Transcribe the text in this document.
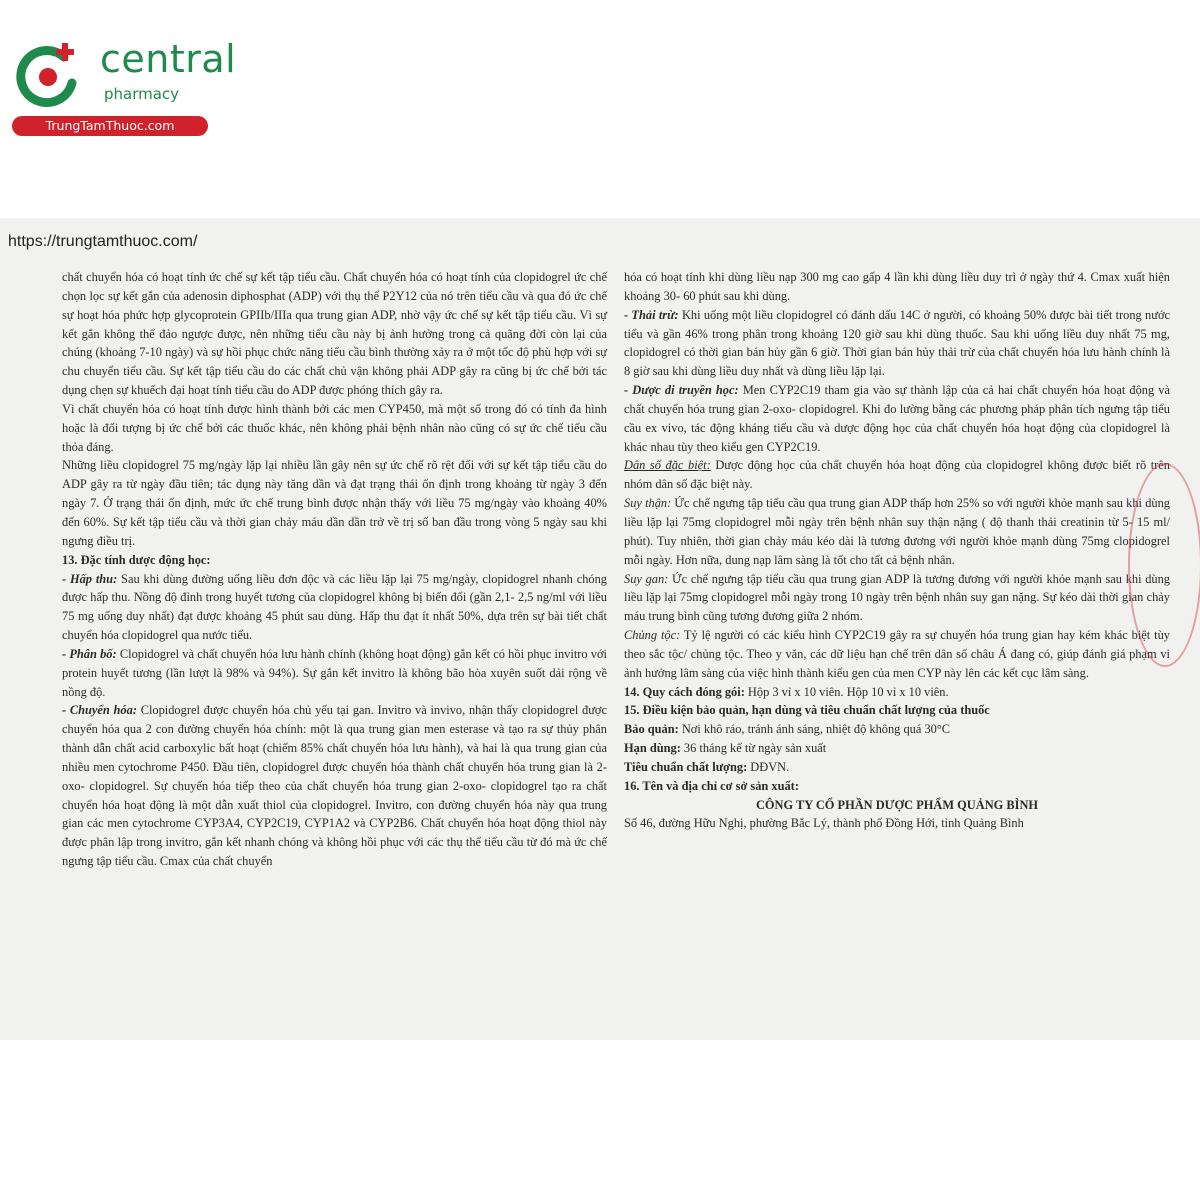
central
pharmacy
TrungTamThuoc.com
https://trungtamthuoc.com/

chất chuyển hóa có hoạt tính ức chế sự kết tập tiểu cầu. Chất chuyển hóa có hoạt tính của clopidogrel ức chế chọn lọc sự kết gắn của adenosin diphosphat (ADP) với thụ thể P2Y12 của nó trên tiểu cầu và qua đó ức chế sự hoạt hóa phức hợp glycoprotein GPIIb/IIIa qua trung gian ADP, nhờ vậy ức chế sự kết tập tiểu cầu. Vì sự kết gắn không thể đảo ngược được, nên những tiểu cầu này bị ảnh hưởng trong cả quãng đời còn lại của chúng (khoảng 7-10 ngày) và sự hồi phục chức năng tiểu cầu bình thường xảy ra ở một tốc độ phù hợp với sự chu chuyển tiểu cầu. Sự kết tập tiểu cầu do các chất chủ vận không phải ADP gây ra cũng bị ức chế bởi tác dụng chẹn sự khuếch đại hoạt tính tiểu cầu do ADP được phóng thích gây ra.

Vì chất chuyển hóa có hoạt tính được hình thành bởi các men CYP450, mà một số trong đó có tính đa hình hoặc là đối tượng bị ức chế bởi các thuốc khác, nên không phải bệnh nhân nào cũng có sự ức chế tiểu cầu thỏa đáng.

Những liều clopidogrel 75 mg/ngày lặp lại nhiều lần gây nên sự ức chế rõ rệt đối với sự kết tập tiểu cầu do ADP gây ra từ ngày đầu tiên; tác dụng này tăng dần và đạt trạng thái ổn định trong khoảng từ ngày 3 đến ngày 7. Ở trạng thái ổn định, mức ức chế trung bình được nhận thấy với liều 75 mg/ngày vào khoảng 40% đến 60%. Sự kết tập tiểu cầu và thời gian chảy máu dần dần trở về trị số ban đầu trong vòng 5 ngày sau khi ngưng điều trị.

13. Đặc tính dược động học:

- Hấp thu: Sau khi dùng đường uống liều đơn độc và các liều lặp lại 75 mg/ngày, clopidogrel nhanh chóng được hấp thu. Nồng độ đỉnh trong huyết tương của clopidogrel không bị biến đổi (gần 2,1- 2,5 ng/ml với liều 75 mg uống duy nhất) đạt được khoảng 45 phút sau dùng. Hấp thu đạt ít nhất 50%, dựa trên sự bài tiết chất chuyển hóa clopidogrel qua nước tiểu.

- Phân bố: Clopidogrel và chất chuyển hóa lưu hành chính (không hoạt động) gắn kết có hồi phục invitro với protein huyết tương (lần lượt là 98% và 94%). Sự gắn kết invitro là không bão hòa xuyên suốt dải rộng về nồng độ.

- Chuyển hóa: Clopidogrel được chuyển hóa chủ yếu tại gan. Invitro và invivo, nhận thấy clopidogrel được chuyển hóa qua 2 con đường chuyển hóa chính: một là qua trung gian men esterase và tạo ra sự thủy phân thành dẫn chất acid carboxylic bất hoạt (chiếm 85% chất chuyển hóa lưu hành), và hai là qua trung gian của nhiều men cytochrome P450. Đầu tiên, clopidogrel được chuyển hóa thành chất chuyển hóa trung gian là 2-oxo- clopidogrel. Sự chuyển hóa tiếp theo của chất chuyển hóa trung gian 2-oxo- clopidogrel tạo ra chất chuyển hóa hoạt động là một dẫn xuất thiol của clopidogrel. Invitro, con đường chuyển hóa này qua trung gian các men cytochrome CYP3A4, CYP2C19, CYP1A2 và CYP2B6. Chất chuyển hóa hoạt động thiol này được phân lập trong invitro, gắn kết nhanh chóng và không hồi phục với các thụ thể tiểu cầu từ đó mà ức chế ngưng tập tiểu cầu. Cmax của chất chuyển

hóa có hoạt tính khi dùng liều nạp 300 mg cao gấp 4 lần khi dùng liều duy trì ở ngày thứ 4. Cmax xuất hiện khoảng 30- 60 phút sau khi dùng.

- Thải trừ: Khi uống một liều clopidogrel có đánh dấu 14C ở người, có khoảng 50% được bài tiết trong nước tiểu và gần 46% trong phân trong khoảng 120 giờ sau khi dùng thuốc. Sau khi uống liều duy nhất 75 mg, clopidogrel có thời gian bán hủy gần 6 giờ. Thời gian bán hủy thải trừ của chất chuyển hóa lưu hành chính là 8 giờ sau khi dùng liều duy nhất và dùng liều lặp lại.

- Dược di truyền học: Men CYP2C19 tham gia vào sự thành lập của cả hai chất chuyển hóa hoạt động và chất chuyển hóa trung gian 2-oxo- clopidogrel. Khi đo lường bằng các phương pháp phân tích ngưng tập tiểu cầu ex vivo, tác động kháng tiểu cầu và dược động học của chất chuyển hóa hoạt động của clopidogrel là khác nhau tùy theo kiểu gen CYP2C19.

Dân số đặc biệt: Dược động học của chất chuyển hóa hoạt động của clopidogrel không được biết rõ trên nhóm dân số đặc biệt này.

Suy thận: Ức chế ngưng tập tiểu cầu qua trung gian ADP thấp hơn 25% so với người khỏe mạnh sau khi dùng liều lặp lại 75mg clopidogrel mỗi ngày trên bệnh nhân suy thận nặng ( độ thanh thải creatinin từ 5- 15 ml/ phút). Tuy nhiên, thời gian chảy máu kéo dài là tương đương với người khỏe mạnh dùng 75mg clopidogrel mỗi ngày. Hơn nữa, dung nạp lâm sàng là tốt cho tất cả bệnh nhân.

Suy gan: Ức chế ngưng tập tiểu cầu qua trung gian ADP là tương đương với người khỏe mạnh sau khi dùng liều lặp lại 75mg clopidogrel mỗi ngày trong 10 ngày trên bệnh nhân suy gan nặng. Sự kéo dài thời gian chảy máu trung bình cũng tương đương giữa 2 nhóm.

Chủng tộc: Tỷ lệ người có các kiểu hình CYP2C19 gây ra sự chuyển hóa trung gian hay kém khác biệt tùy theo sắc tộc/ chủng tộc. Theo y văn, các dữ liệu hạn chế trên dân số châu Á đang có, giúp đánh giá phạm vi ảnh hưởng lâm sàng của việc hình thành kiểu gen của men CYP này lên các kết cục lâm sàng.

14. Quy cách đóng gói: Hộp 3 vỉ x 10 viên. Hộp 10 vỉ x 10 viên.

15. Điều kiện bảo quản, hạn dùng và tiêu chuẩn chất lượng của thuốc

Bảo quản: Nơi khô ráo, tránh ánh sáng, nhiệt độ không quá 30°C

Hạn dùng: 36 tháng kể từ ngày sản xuất

Tiêu chuẩn chất lượng: DĐVN.

16. Tên và địa chỉ cơ sở sản xuất:

CÔNG TY CỔ PHẦN DƯỢC PHẨM QUẢNG BÌNH

Số 46, đường Hữu Nghị, phường Bắc Lý, thành phố Đồng Hới, tỉnh Quảng Bình
